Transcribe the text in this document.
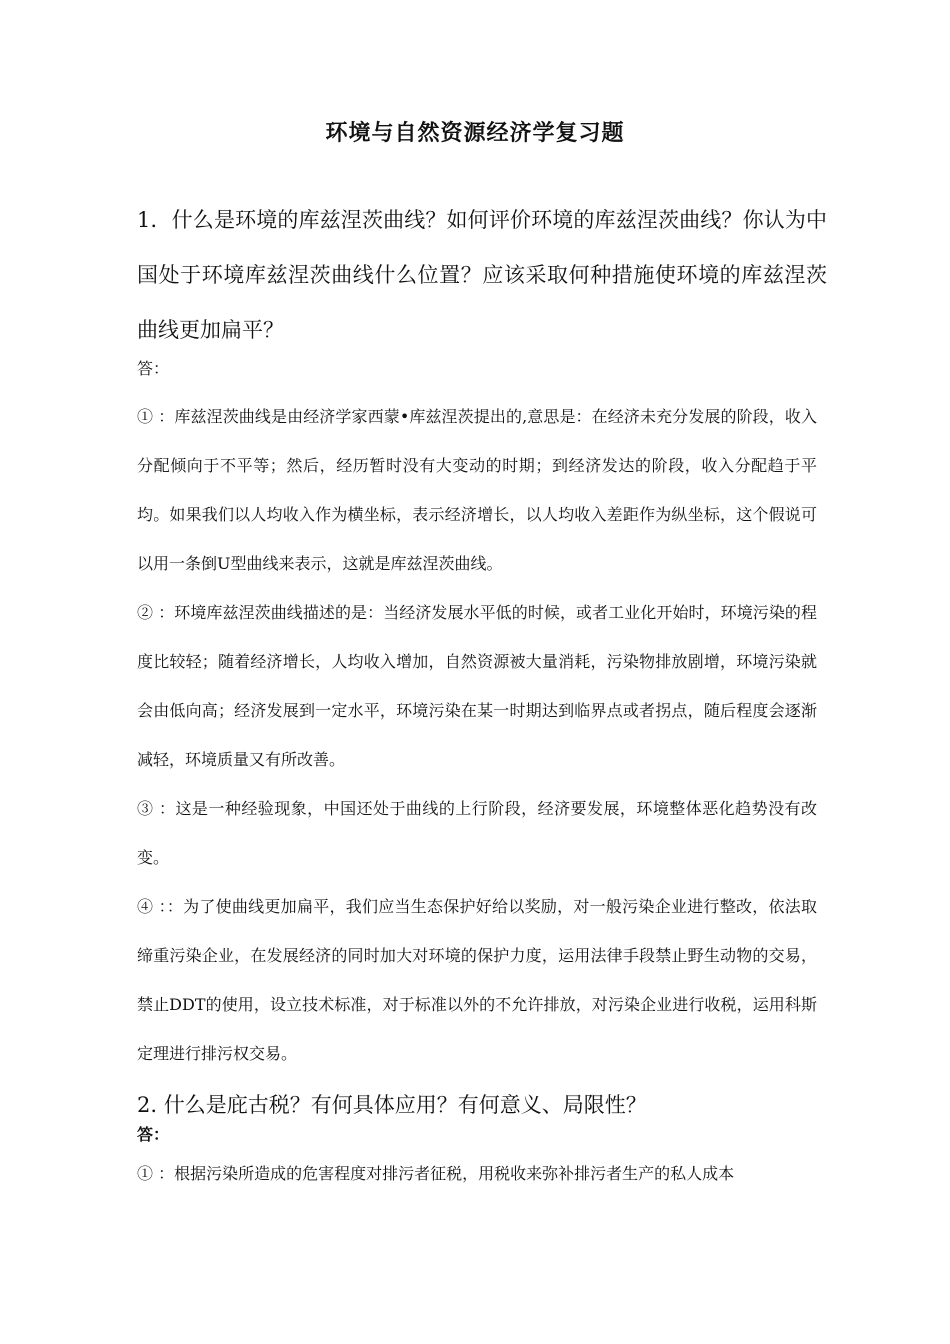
环境与自然资源经济学复习题

1．什么是环境的库兹涅茨曲线？如何评价环境的库兹涅茨曲线？你认为中国处于环境库兹涅茨曲线什么位置？应该采取何种措施使环境的库兹涅茨曲线更加扁平？

答：

① ：库兹涅茨曲线是由经济学家西蒙•库兹涅茨提出的,意思是：在经济未充分发展的阶段，收入分配倾向于不平等；然后，经历暂时没有大变动的时期；到经济发达的阶段，收入分配趋于平均。如果我们以人均收入作为横坐标，表示经济增长，以人均收入差距作为纵坐标，这个假说可以用一条倒U型曲线来表示，这就是库兹涅茨曲线。

② ：环境库兹涅茨曲线描述的是：当经济发展水平低的时候，或者工业化开始时，环境污染的程度比较轻；随着经济增长，人均收入增加，自然资源被大量消耗，污染物排放剧增，环境污染就会由低向高；经济发展到一定水平，环境污染在某一时期达到临界点或者拐点，随后程度会逐渐减轻，环境质量又有所改善。

③ ：这是一种经验现象，中国还处于曲线的上行阶段，经济要发展，环境整体恶化趋势没有改变。

④ ：：为了使曲线更加扁平，我们应当生态保护好给以奖励，对一般污染企业进行整改，依法取缔重污染企业，在发展经济的同时加大对环境的保护力度，运用法律手段禁止野生动物的交易，禁止DDT的使用，设立技术标准，对于标准以外的不允许排放，对污染企业进行收税，运用科斯定理进行排污权交易。

2. 什么是庇古税？有何具体应用？有何意义、局限性？

答：

① ：根据污染所造成的危害程度对排污者征税，用税收来弥补排污者生产的私人成本
